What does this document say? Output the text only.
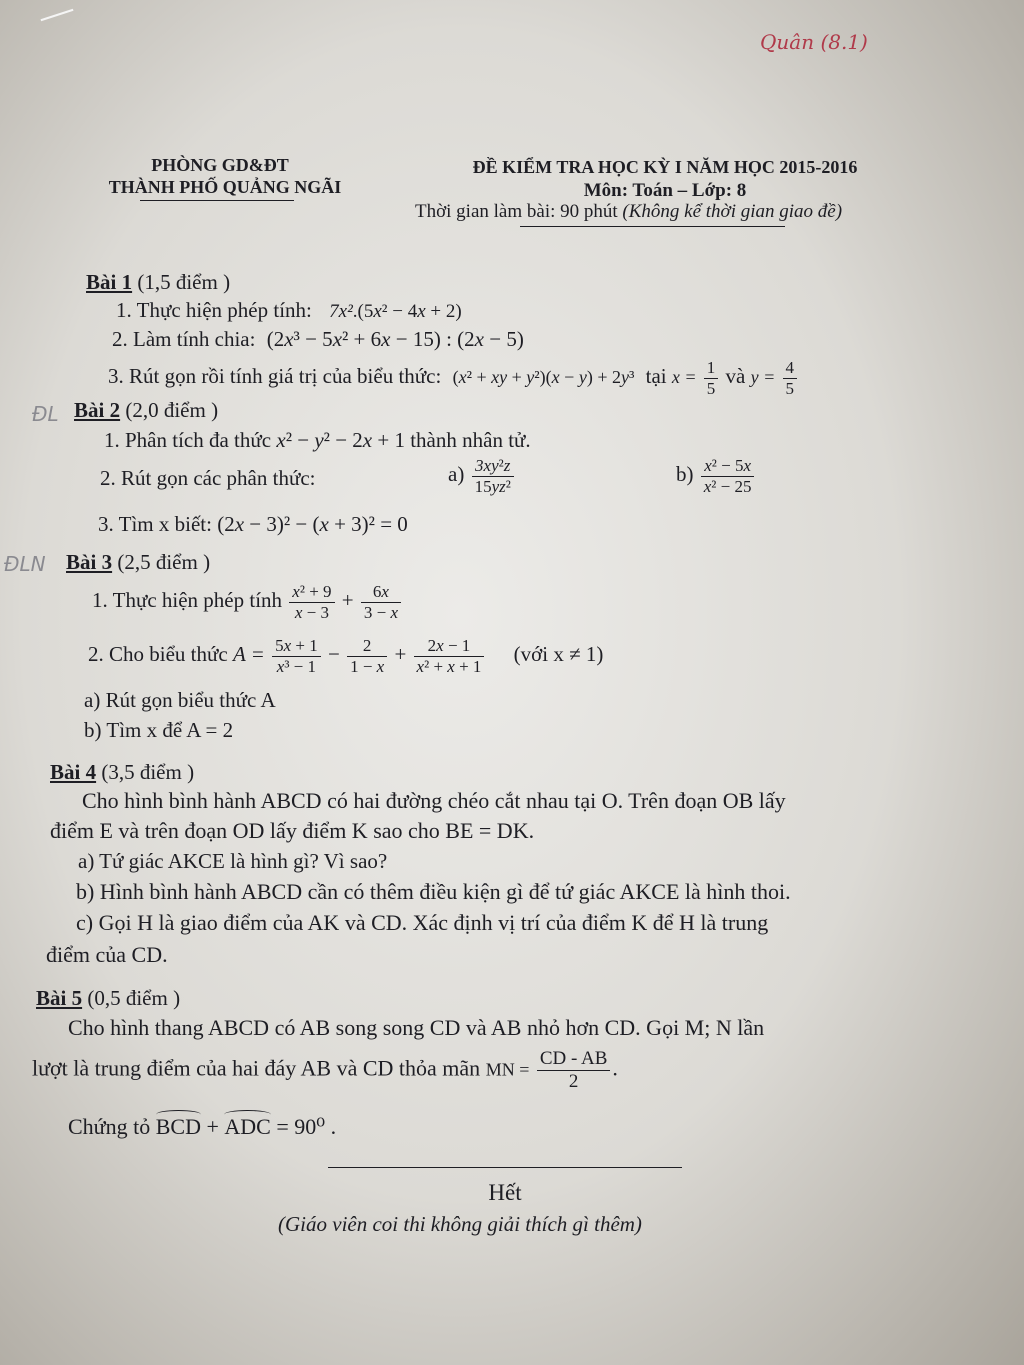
Quân (8.1)
ĐL
ĐLN
PHÒNG GD&ĐT
THÀNH PHỐ QUẢNG NGÃI
ĐỀ KIỂM TRA HỌC KỲ I NĂM HỌC 2015-2016
Môn: Toán – Lớp: 8
Thời gian làm bài: 90 phút (Không kể thời gian giao đề)
Bài 1 (1,5 điểm )
1. Thực hiện phép tính: 7x².(5x² − 4x + 2)
2. Làm tính chia: (2x³ − 5x² + 6x − 15) : (2x − 5)
3. Rút gọn rồi tính giá trị của biểu thức: (x² + xy + y²)(x − y) + 2y³ tại $x = \frac{1}{5}$ và $y = \frac{4}{5}$
Bài 2 (2,0 điểm )
1. Phân tích đa thức x² − y² − 2x + 1 thành nhân tử.
2. Rút gọn các phân thức:	$a) \frac{\text{3xy²z}}{\text{15yz²}}$	$b) \frac{\text{x² − 5x}}{\text{x² − 25}}$
3. Tìm x biết: (2x − 3)² − (x + 3)² = 0
Bài 3 (2,5 điểm )
1. Thực hiện phép tính $\frac{\text{x² + 9}}{x - 3} + \frac{6x}{3 - x}$
2. Cho biểu thức $A = \frac{5x + 1}{\text{x³ − 1}} - \frac{2}{1 - x} + \frac{2x - 1}{\text{x² + x + 1}}$ (với x ≠ 1)
a) Rút gọn biểu thức A
b) Tìm x để A = 2
Bài 4 (3,5 điểm )
Cho hình bình hành ABCD có hai đường chéo cắt nhau tại O. Trên đoạn OB lấy
điểm E và trên đoạn OD lấy điểm K sao cho BE = DK.
a) Tứ giác AKCE là hình gì? Vì sao?
b) Hình bình hành ABCD cần có thêm điều kiện gì để tứ giác AKCE là hình thoi.
c) Gọi H là giao điểm của AK và CD. Xác định vị trí của điểm K để H là trung
điểm của CD.
Bài 5 (0,5 điểm )
Cho hình thang ABCD có AB song song CD và AB nhỏ hơn CD. Gọi M; N lần
lượt là trung điểm của hai đáy AB và CD thỏa mãn MN = $\frac{CD - AB}{2}$ .
Chứng tỏ BCD + ADC = 90⁰ .
Hết
(Giáo viên coi thi không giải thích gì thêm)
